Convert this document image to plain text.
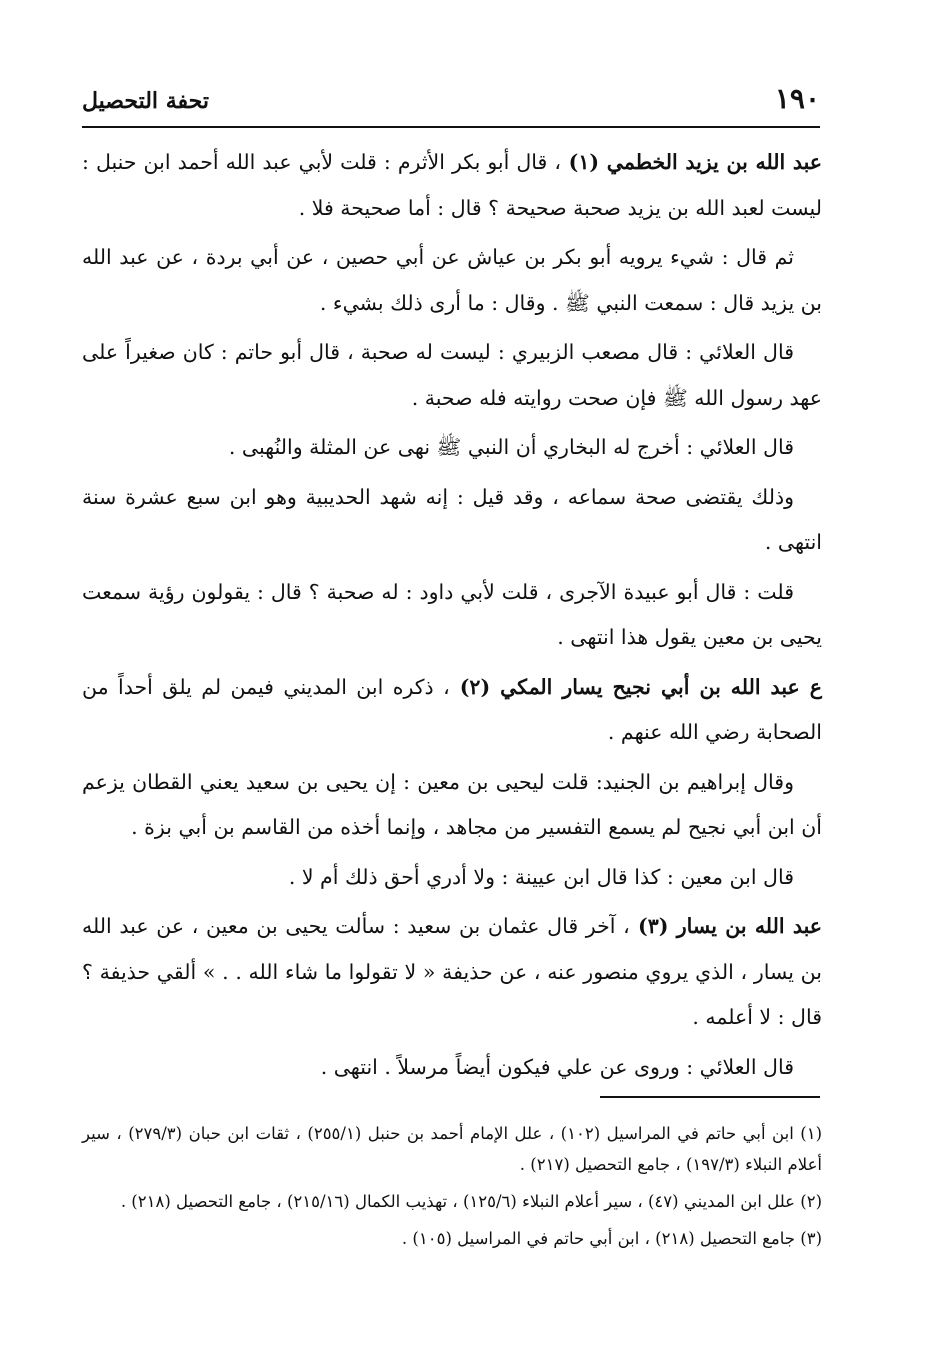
١٩٠
تحفة التحصيل

عبد الله بن يزيد الخطمي (١) ، قال أبو بكر الأثرم : قلت لأبي عبد الله أحمد ابن حنبل : ليست لعبد الله بن يزيد صحبة صحيحة ؟ قال : أما صحيحة فلا .

ثم قال : شيء يرويه أبو بكر بن عياش عن أبي حصين ، عن أبي بردة ، عن عبد الله بن يزيد قال : سمعت النبي ﷺ . وقال : ما أرى ذلك بشيء .

قال العلائي : قال مصعب الزبيري : ليست له صحبة ، قال أبو حاتم : كان صغيراً على عهد رسول الله ﷺ فإن صحت روايته فله صحبة .

قال العلائي : أخرج له البخاري أن النبي ﷺ نهى عن المثلة والنُهبى .

وذلك يقتضى صحة سماعه ، وقد قيل : إنه شهد الحديبية وهو ابن سبع عشرة سنة انتهى .

قلت : قال أبو عبيدة الآجرى ، قلت لأبي داود : له صحبة ؟ قال : يقولون رؤية سمعت يحيى بن معين يقول هذا انتهى .

ع عبد الله بن أبي نجيح يسار المكي (٢) ، ذكره ابن المديني فيمن لم يلق أحداً من الصحابة رضي الله عنهم .

وقال إبراهيم بن الجنيد: قلت ليحيى بن معين : إن يحيى بن سعيد يعني القطان يزعم أن ابن أبي نجيح لم يسمع التفسير من مجاهد ، وإنما أخذه من القاسم بن أبي بزة .

قال ابن معين : كذا قال ابن عيينة : ولا أدري أحق ذلك أم لا .

عبد الله بن يسار (٣) ، آخر قال عثمان بن سعيد : سألت يحيى بن معين ، عن عبد الله بن يسار ، الذي يروي منصور عنه ، عن حذيفة « لا تقولوا ما شاء الله . . » ألقي حذيفة ؟ قال : لا أعلمه .

قال العلائي : وروى عن علي فيكون أيضاً مرسلاً . انتهى .

(١) ابن أبي حاتم في المراسيل (١٠٢) ، علل الإمام أحمد بن حنبل (٢٥٥/١) ، ثقات ابن حبان (٢٧٩/٣) ، سير أعلام النبلاء (١٩٧/٣) ، جامع التحصيل (٢١٧) .

(٢) علل ابن المديني (٤٧) ، سير أعلام النبلاء (١٢٥/٦) ، تهذيب الكمال (٢١٥/١٦) ، جامع التحصيل (٢١٨) .

(٣) جامع التحصيل (٢١٨) ، ابن أبي حاتم في المراسيل (١٠٥) .
